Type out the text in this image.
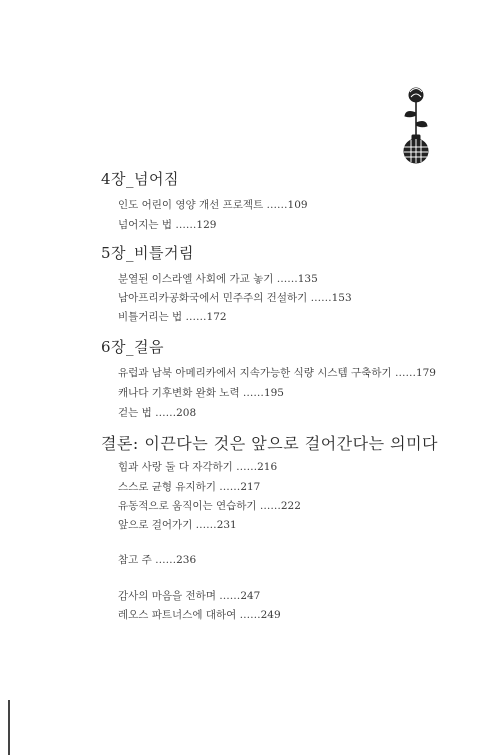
4장_넘어짐
인도 어린이 영양 개선 프로젝트 ……109
넘어지는 법 ……129
5장_비틀거림
분열된 이스라엘 사회에 가교 놓기 ……135
남아프리카공화국에서 민주주의 건설하기 ……153
비틀거리는 법 ……172
6장_걸음
유럽과 남북 아메리카에서 지속가능한 식량 시스템 구축하기 ……179
캐나다 기후변화 완화 노력 ……195
걷는 법 ……208
결론: 이끈다는 것은 앞으로 걸어간다는 의미다
힘과 사랑 둘 다 자각하기 ……216
스스로 균형 유지하기 ……217
유동적으로 움직이는 연습하기 ……222
앞으로 걸어가기 ……231
참고 주 ……236
감사의 마음을 전하며 ……247
레오스 파트너스에 대하여 ……249
